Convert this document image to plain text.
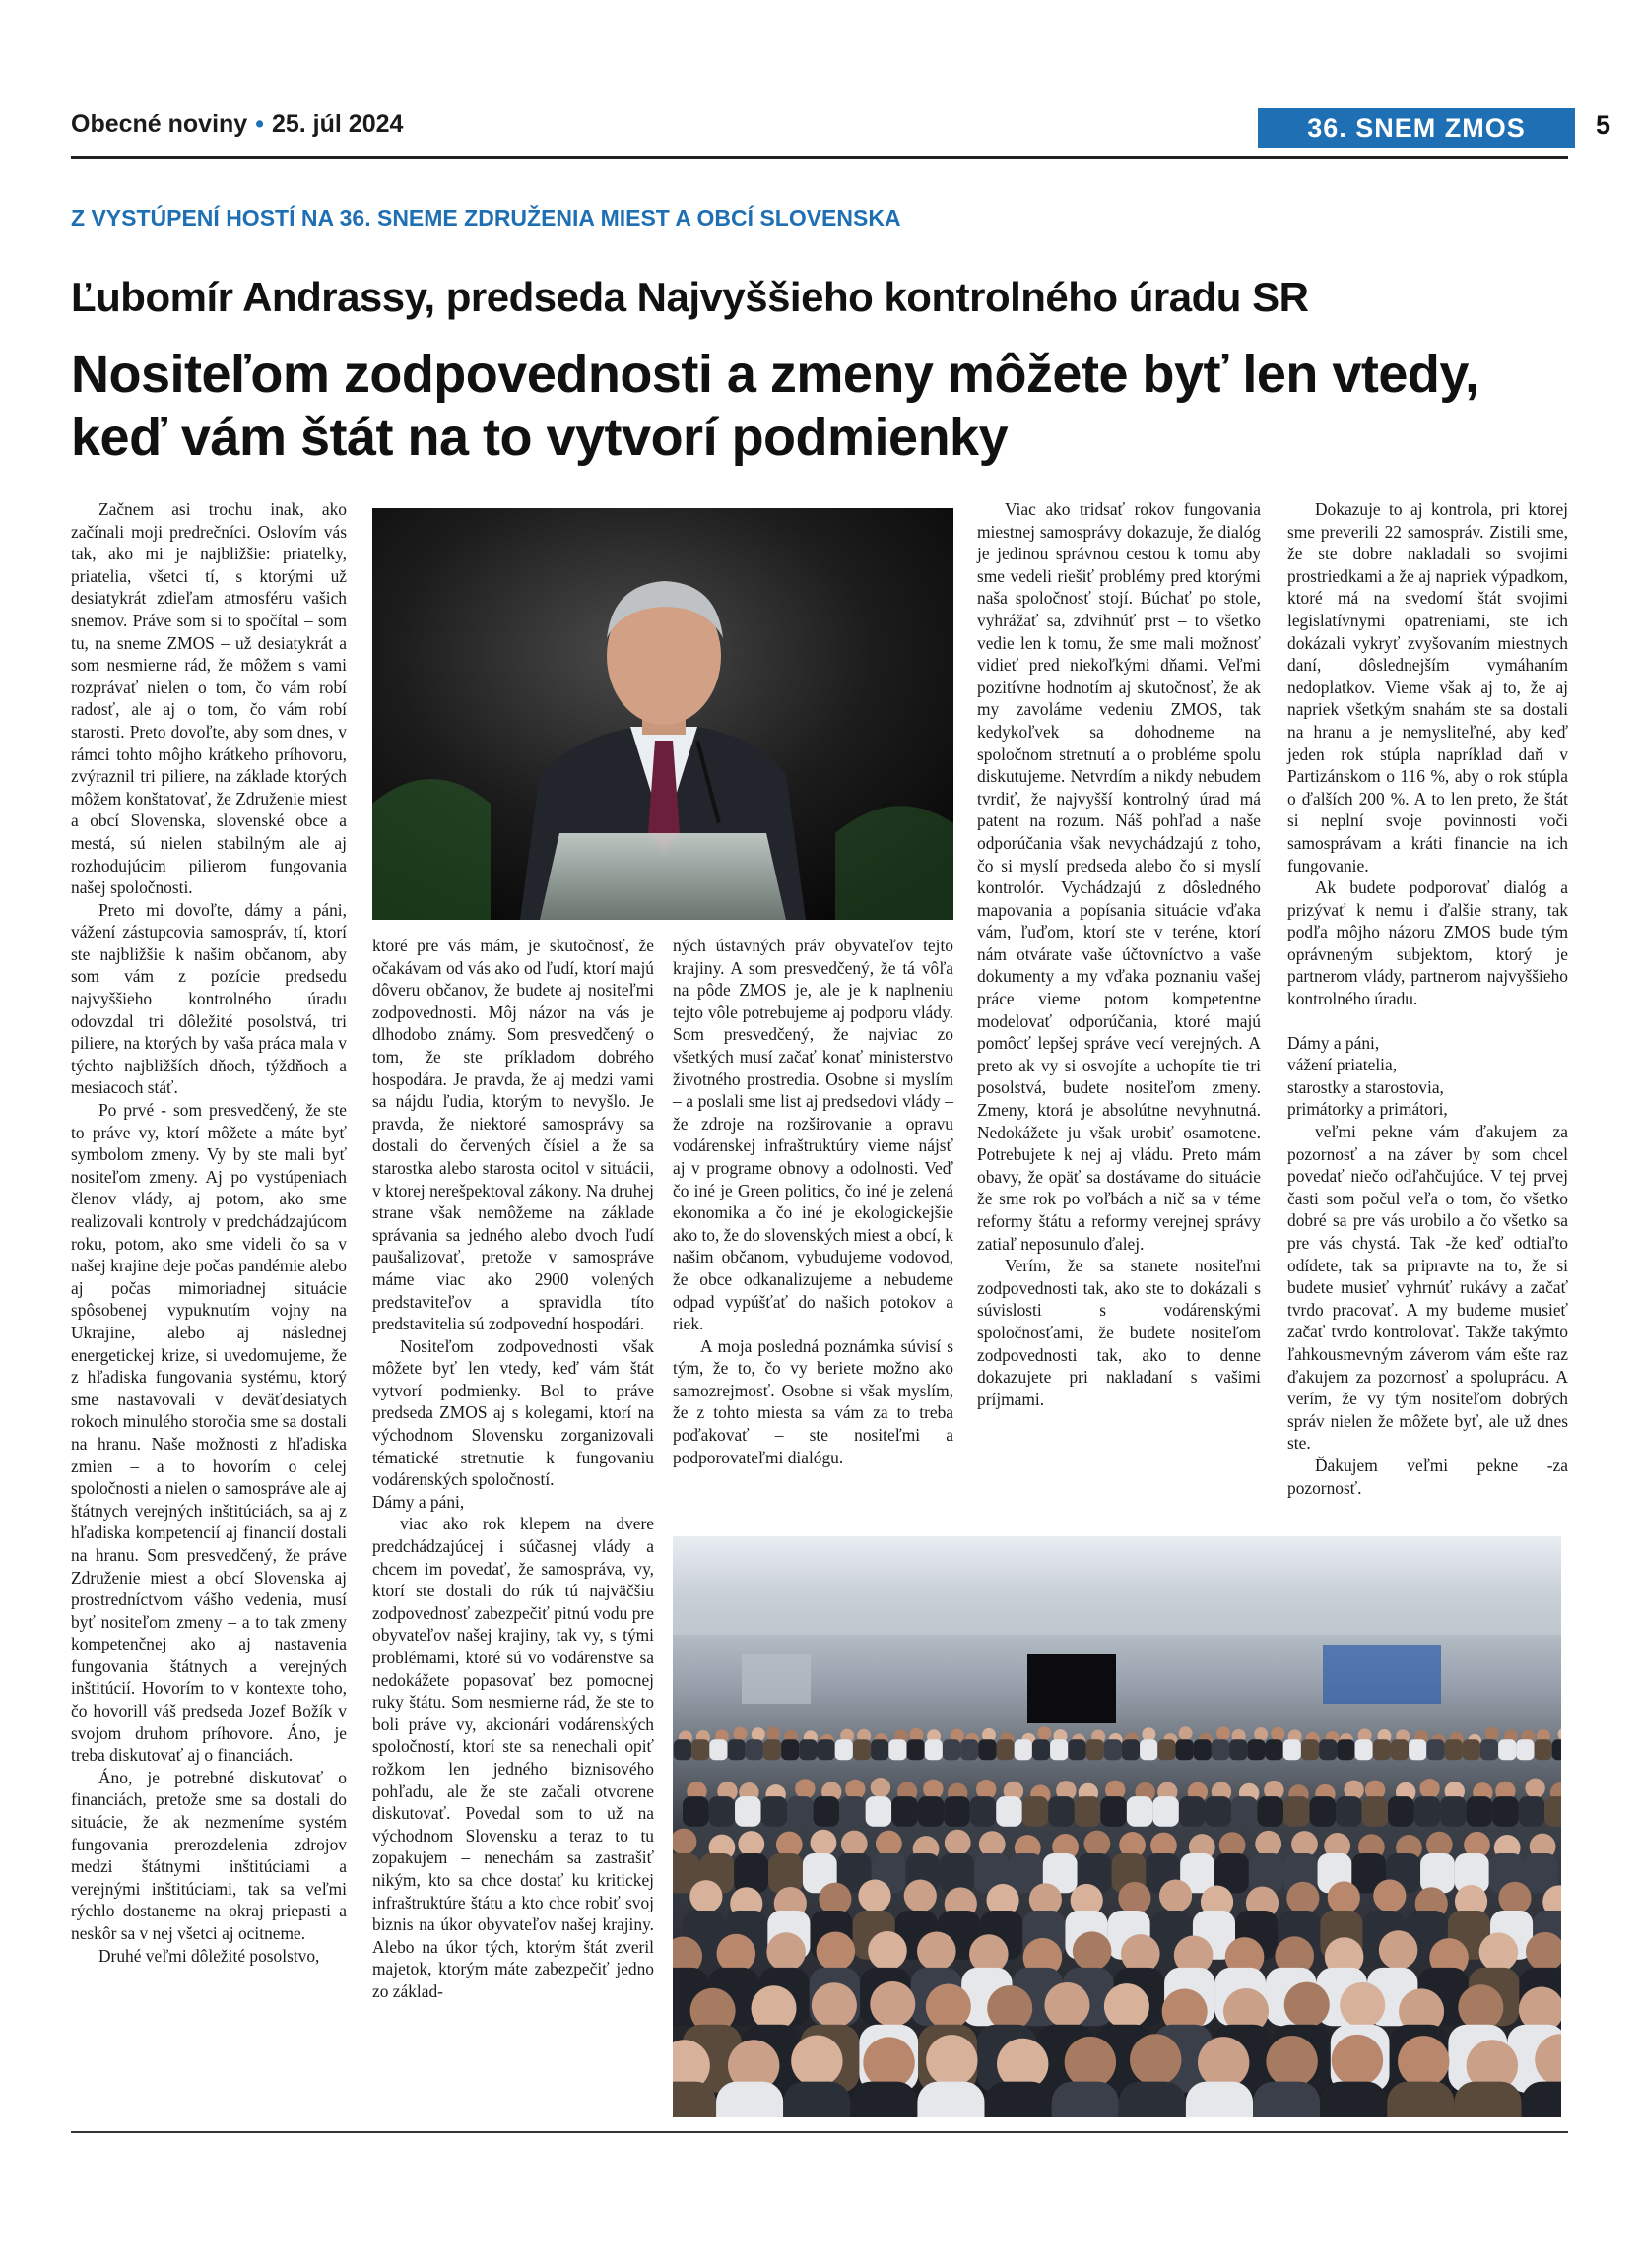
Obecné noviny • 25. júl 2024	36. SNEM ZMOS	5
Z VYSTÚPENÍ HOSTÍ NA 36. SNEME ZDRUŽENIA MIEST A OBCÍ SLOVENSKA
Ľubomír Andrassy, predseda Najvyššieho kontrolného úradu SR
Nositeľom zodpovednosti a zmeny môžete byť len vtedy, keď vám štát na to vytvorí podmienky

Začnem asi trochu inak, ako začínali moji predrečníci. Oslovím vás tak, ako mi je najbližšie: priatelky, priatelia, všetci tí, s ktorými už desiatykrát zdieľam atmosféru vašich snemov. Práve som si to spočítal – som tu, na sneme ZMOS – už desiatykrát a som nesmierne rád, že môžem s vami rozprávať nielen o tom, čo vám robí radosť, ale aj o tom, čo vám robí starosti. Preto dovoľte, aby som dnes, v rámci tohto môjho krátkeho príhovoru, zvýraznil tri piliere, na základe ktorých môžem konštatovať, že Združenie miest a obcí Slovenska, slovenské obce a mestá, sú nielen stabilným ale aj rozhodujúcim pilierom fungovania našej spoločnosti.

Preto mi dovoľte, dámy a páni, vážení zástupcovia samospráv, tí, ktorí ste najbližšie k našim občanom, aby som vám z pozície predsedu najvyššieho kontrolného úradu odovzdal tri dôležité posolstvá, tri piliere, na ktorých by vaša práca mala v týchto najbližších dňoch, týždňoch a mesiacoch stáť.

Po prvé - som presvedčený, že ste to práve vy, ktorí môžete a máte byť symbolom zmeny. Vy by ste mali byť nositeľom zmeny. Aj po vystúpeniach členov vlády, aj potom, ako sme realizovali kontroly v predchádzajúcom roku, potom, ako sme videli čo sa v našej krajine deje počas pandémie alebo aj počas mimoriadnej situácie spôsobenej vypuknutím vojny na Ukrajine, alebo aj následnej energetickej krize, si uvedomujeme, že z hľadiska fungovania systému, ktorý sme nastavovali v deväťdesiatych rokoch minulého storočia sme sa dostali na hranu. Naše možnosti z hľadiska zmien – a to hovorím o celej spoločnosti a nielen o samospráve ale aj štátnych verejných inštitúciách, sa aj z hľadiska kompetencií aj financií dostali na hranu. Som presvedčený, že práve Združenie miest a obcí Slovenska aj prostredníctvom vášho vedenia, musí byť nositeľom zmeny – a to tak zmeny kompetenčnej ako aj nastavenia fungovania štátnych a verejných inštitúcií. Hovorím to v kontexte toho, čo hovorill váš predseda Jozef Božík v svojom druhom príhovore. Áno, je treba diskutovať aj o financiách.

Áno, je potrebné diskutovať o financiách, pretože sme sa dostali do situácie, že ak nezmeníme systém fungovania prerozdelenia zdrojov medzi štátnymi inštitúciami a verejnými inštitúciami, tak sa veľmi rýchlo dostaneme na okraj priepasti a neskôr sa v nej všetci aj ocitneme.

Druhé veľmi dôležité posolstvo,

ktoré pre vás mám, je skutočnosť, že očakávam od vás ako od ľudí, ktorí majú dôveru občanov, že budete aj nositeľmi zodpovednosti. Môj názor na vás je dlhodobo známy. Som presvedčený o tom, že ste príkladom dobrého hospodára. Je pravda, že aj medzi vami sa nájdu ľudia, ktorým to nevyšlo. Je pravda, že niektoré samosprávy sa dostali do červených čísiel a že sa starostka alebo starosta ocitol v situácii, v ktorej nerešpektoval zákony. Na druhej strane však nemôžeme na základe správania sa jedného alebo dvoch ľudí paušalizovať, pretože v samospráve máme viac ako 2900 volených predstaviteľov a spravidla títo predstavitelia sú zodpovední hospodári.

Nositeľom zodpovednosti však môžete byť len vtedy, keď vám štát vytvorí podmienky. Bol to práve predseda ZMOS aj s kolegami, ktorí na východnom Slovensku zorganizovali tématické stretnutie k fungovaniu vodárenských spoločností.

Dámy a páni,

viac ako rok klepem na dvere predchádzajúcej i súčasnej vlády a chcem im povedať, že samospráva, vy, ktorí ste dostali do rúk tú najväčšiu zodpovednosť zabezpečiť pitnú vodu pre obyvateľov našej krajiny, tak vy, s tými problémami, ktoré sú vo vodárenstve sa nedokážete popasovať bez pomocnej ruky štátu. Som nesmierne rád, že ste to boli práve vy, akcionári vodárenských spoločností, ktorí ste sa nenechali opiť rožkom len jedného biznisového pohľadu, ale že ste začali otvorene diskutovať. Povedal som to už na východnom Slovensku a teraz to tu zopakujem – nenechám sa zastrašiť nikým, kto sa chce dostať ku kritickej infraštruktúre štátu a kto chce robiť svoj biznis na úkor obyvateľov našej krajiny. Alebo na úkor tých, ktorým štát zveril majetok, ktorým máte zabezpečiť jedno zo základ-

ných ústavných práv obyvateľov tejto krajiny. A som presvedčený, že tá vôľa na pôde ZMOS je, ale je k naplneniu tejto vôle potrebujeme aj podporu vlády. Som presvedčený, že najviac zo všetkých musí začať konať ministerstvo životného prostredia. Osobne si myslím – a poslali sme list aj predsedovi vlády – že zdroje na rozširovanie a opravu vodárenskej infraštruktúry vieme nájsť aj v programe obnovy a odolnosti. Veď čo iné je Green politics, čo iné je zelená ekonomika a čo iné je ekologickejšie ako to, že do slovenských miest a obcí, k našim občanom, vybudujeme vodovod, že obce odkanalizujeme a nebudeme odpad vypúšťať do našich potokov a riek.

A moja posledná poznámka súvisí s tým, že to, čo vy beriete možno ako samozrejmosť. Osobne si však myslím, že z tohto miesta sa vám za to treba poďakovať – ste nositeľmi a podporovateľmi dialógu.

Viac ako tridsať rokov fungovania miestnej samosprávy dokazuje, že dialóg je jedinou správnou cestou k tomu aby sme vedeli riešiť problémy pred ktorými naša spoločnosť stojí. Búchať po stole, vyhrážať sa, zdvihnúť prst – to všetko vedie len k tomu, že sme mali možnosť vidieť pred niekoľkými dňami. Veľmi pozitívne hodnotím aj skutočnosť, že ak my zavoláme vedeniu ZMOS, tak kedykoľvek sa dohodneme na spoločnom stretnutí a o probléme spolu diskutujeme. Netvrdím a nikdy nebudem tvrdiť, že najvyšší kontrolný úrad má patent na rozum. Náš pohľad a naše odporúčania však nevychádzajú z toho, čo si myslí predseda alebo čo si myslí kontrolór. Vychádzajú z dôsledného mapovania a popísania situácie vďaka vám, ľuďom, ktorí ste v teréne, ktorí nám otvárate vaše účtovníctvo a vaše dokumenty a my vďaka poznaniu vašej práce vieme potom kompetentne modelovať odporúčania, ktoré majú pomôcť lepšej správe vecí verejných. A preto ak vy si osvojíte a uchopíte tie tri posolstvá, budete nositeľom zmeny. Zmeny, ktorá je absolútne nevyhnutná. Nedokážete ju však urobiť osamotene. Potrebujete k nej aj vládu. Preto mám obavy, že opäť sa dostávame do situácie že sme rok po voľbách a nič sa v téme reformy štátu a reformy verejnej správy zatiaľ neposunulo ďalej.

Verím, že sa stanete nositeľmi zodpovednosti tak, ako ste to dokázali s súvislosti s vodárenskými spoločnosťami, že budete nositeľom zodpovednosti tak, ako to denne dokazujete pri nakladaní s vašimi príjmami.

Dokazuje to aj kontrola, pri ktorej sme preverili 22 samospráv. Zistili sme, že ste dobre nakladali so svojimi prostriedkami a že aj napriek výpadkom, ktoré má na svedomí štát svojimi legislatívnymi opatreniami, ste ich dokázali vykryť zvyšovaním miestnych daní, dôslednejším vymáhaním nedoplatkov. Vieme však aj to, že aj napriek všetkým snahám ste sa dostali na hranu a je nemysliteľné, aby keď jeden rok stúpla napríklad daň v Partizánskom o 116 %, aby o rok stúpla o ďalších 200 %. A to len preto, že štát si neplní svoje povinnosti voči samosprávam a kráti financie na ich fungovanie.

Ak budete podporovať dialóg a prizývať k nemu i ďalšie strany, tak podľa môjho názoru ZMOS bude tým oprávneným subjektom, ktorý je partnerom vlády, partnerom najvyššieho kontrolného úradu.

Dámy a páni,

vážení priatelia,

starostky a starostovia,

primátorky a primátori,

veľmi pekne vám ďakujem za pozornosť a na záver by som chcel povedať niečo odľahčujúce. V tej prvej časti som počul veľa o tom, čo všetko dobré sa pre vás urobilo a čo všetko sa pre vás chystá. Tak -že keď odtiaľto odídete, tak sa pripravte na to, že si budete musieť vyhrnúť rukávy a začať tvrdo pracovať. A my budeme musieť začať tvrdo kontrolovať. Takže takýmto ľahkousmevným záverom vám ešte raz ďakujem za pozornosť a spoluprácu. A verím, že vy tým nositeľom dobrých správ nielen že môžete byť, ale už dnes ste.

Ďakujem veľmi pekne -za pozornosť.
